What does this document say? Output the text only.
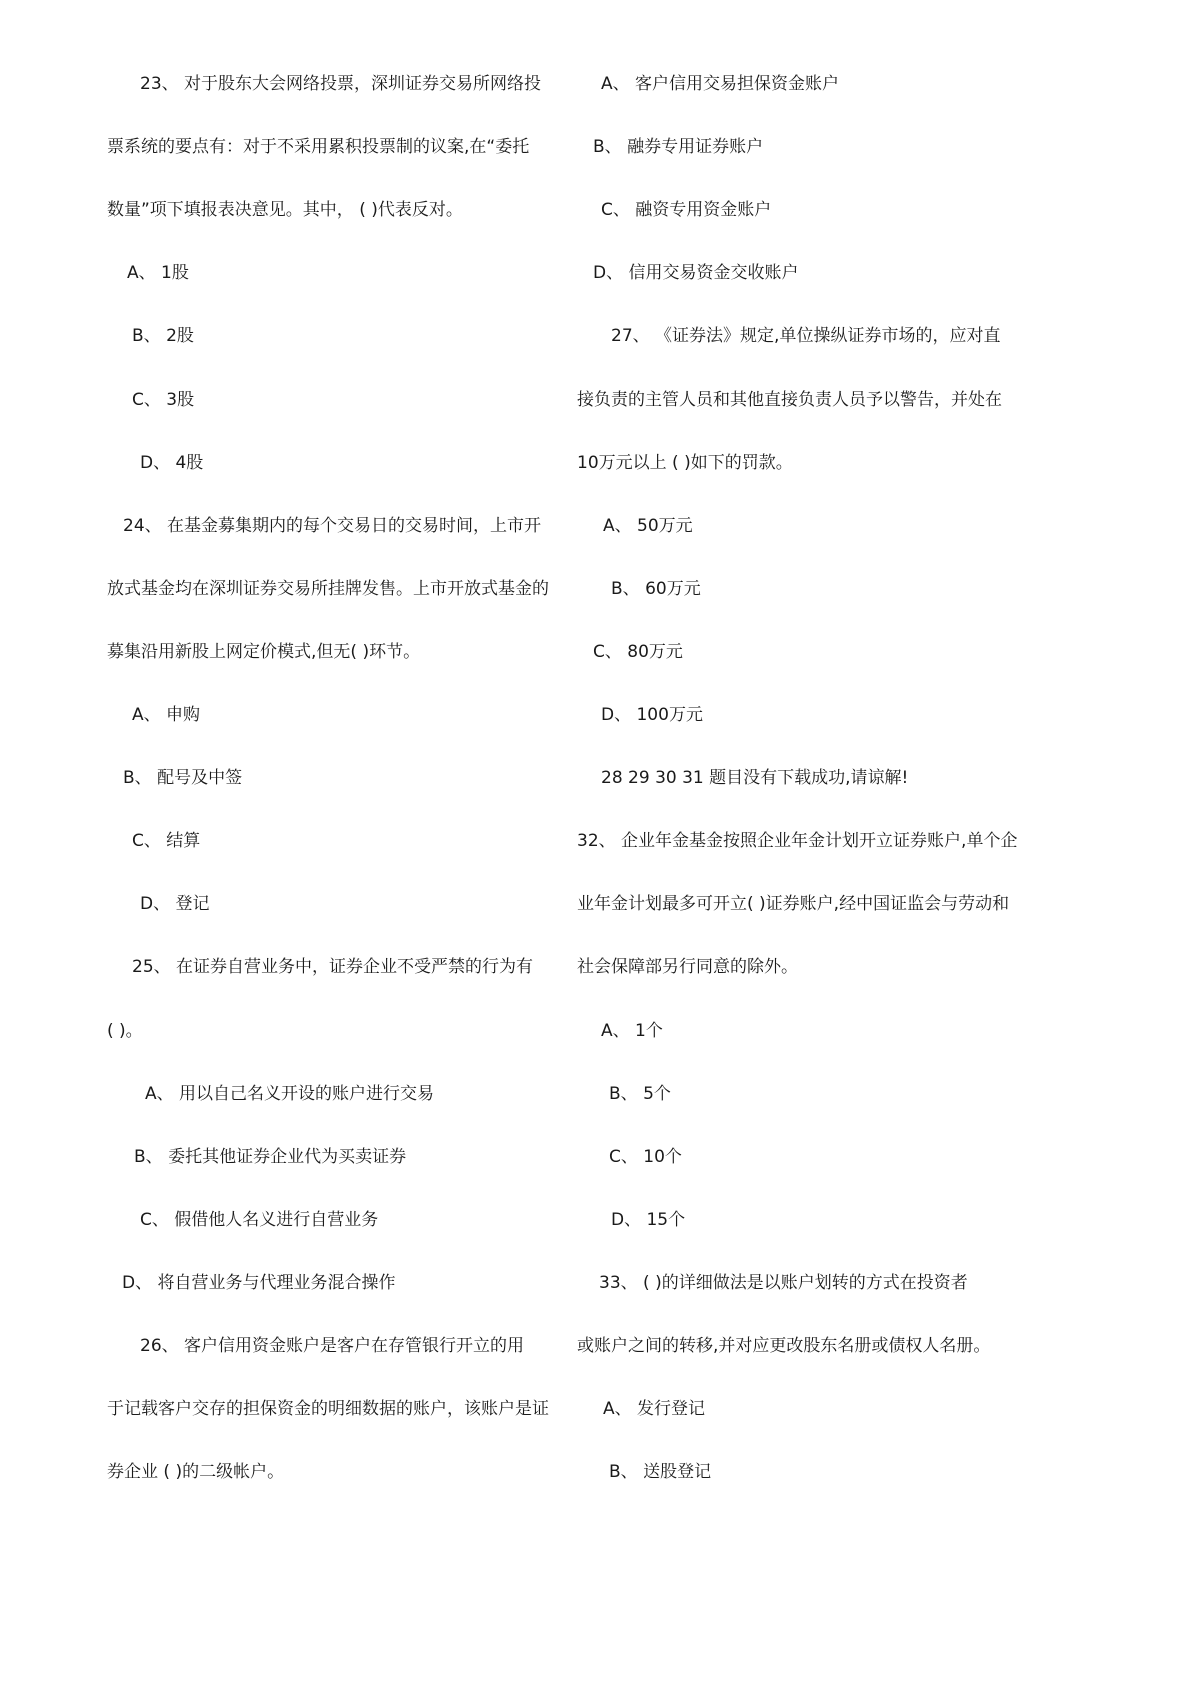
23、 对于股东大会网络投票，深圳证券交易所网络投
票系统的要点有：对于不采用累积投票制的议案,在“委托
数量”项下填报表决意见。其中， ( )代表反对。
A、 1股
B、 2股
C、 3股
D、 4股
24、 在基金募集期内的每个交易日的交易时间，上市开
放式基金均在深圳证券交易所挂牌发售。上市开放式基金的
募集沿用新股上网定价模式,但无( )环节。
A、 申购
B、 配号及中签
C、 结算
D、 登记
25、 在证券自营业务中，证券企业不受严禁的行为有
( )。
A、 用以自己名义开设的账户进行交易
B、 委托其他证券企业代为买卖证券
C、 假借他人名义进行自营业务
D、 将自营业务与代理业务混合操作
26、 客户信用资金账户是客户在存管银行开立的用
于记载客户交存的担保资金的明细数据的账户，该账户是证
券企业 ( )的二级帐户。
A、 客户信用交易担保资金账户
B、 融券专用证券账户
C、 融资专用资金账户
D、 信用交易资金交收账户
27、 《证券法》规定,单位操纵证券市场的，应对直
接负责的主管人员和其他直接负责人员予以警告，并处在
10万元以上 ( )如下的罚款。
A、 50万元
B、 60万元
C、 80万元
D、 100万元
28 29 30 31 题目没有下载成功,请谅解!
32、 企业年金基金按照企业年金计划开立证券账户,单个企
业年金计划最多可开立( )证券账户,经中国证监会与劳动和
社会保障部另行同意的除外。
A、 1个
B、 5个
C、 10个
D、 15个
33、 ( )的详细做法是以账户划转的方式在投资者
或账户之间的转移,并对应更改股东名册或债权人名册。
A、 发行登记
B、 送股登记
